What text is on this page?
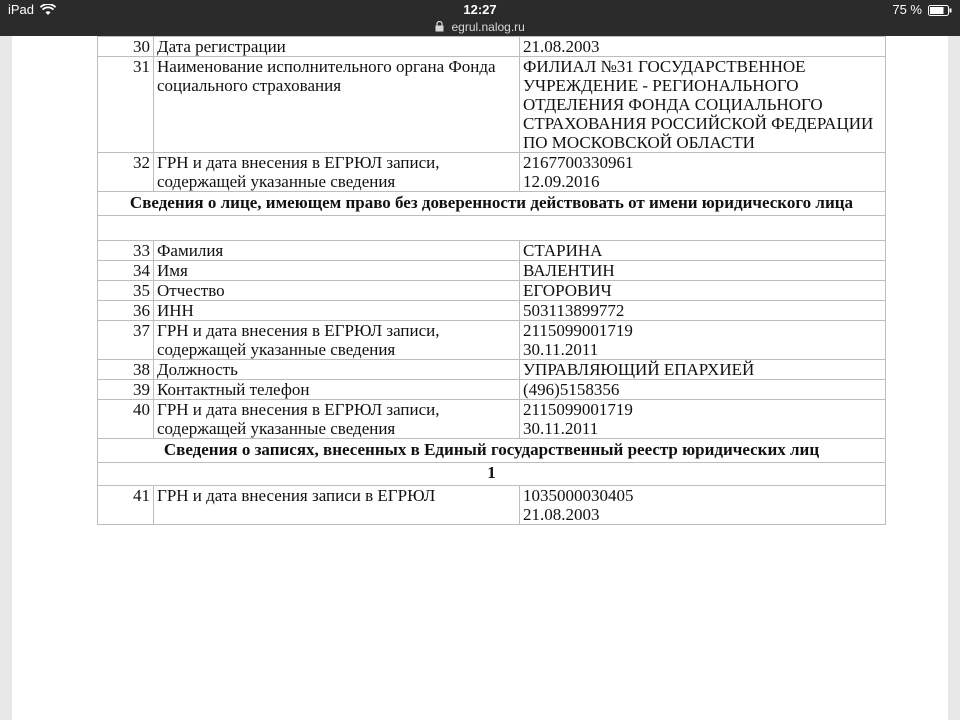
iPad	12:27	75 %
egrul.nalog.ru
30	Дата регистрации	21.08.2003
31	Наименование исполнительного органа Фонда социального страхования	ФИЛИАЛ №31 ГОСУДАРСТВЕННОЕ УЧРЕЖДЕНИЕ - РЕГИОНАЛЬНОГО ОТДЕЛЕНИЯ ФОНДА СОЦИАЛЬНОГО СТРАХОВАНИЯ РОССИЙСКОЙ ФЕДЕРАЦИИ ПО МОСКОВСКОЙ ОБЛАСТИ
32	ГРН и дата внесения в ЕГРЮЛ записи, содержащей указанные сведения	2167700330961
12.09.2016

Сведения о лице, имеющем право без доверенности действовать от имени юридического лица		

33	Фамилия	СТАРИНА
34	Имя	ВАЛЕНТИН
35	Отчество	ЕГОРОВИЧ
36	ИНН	503113899772
37	ГРН и дата внесения в ЕГРЮЛ записи, содержащей указанные сведения	2115099001719
30.11.2011

38	Должность	УПРАВЛЯЮЩИЙ ЕПАРХИЕЙ
39	Контактный телефон	(496)5158356
40	ГРН и дата внесения в ЕГРЮЛ записи, содержащей указанные сведения	2115099001719
30.11.2011

Сведения о записях, внесенных в Единый государственный реестр юридических лиц		
1		
41	ГРН и дата внесения записи в ЕГРЮЛ	1035000030405
21.08.2003
